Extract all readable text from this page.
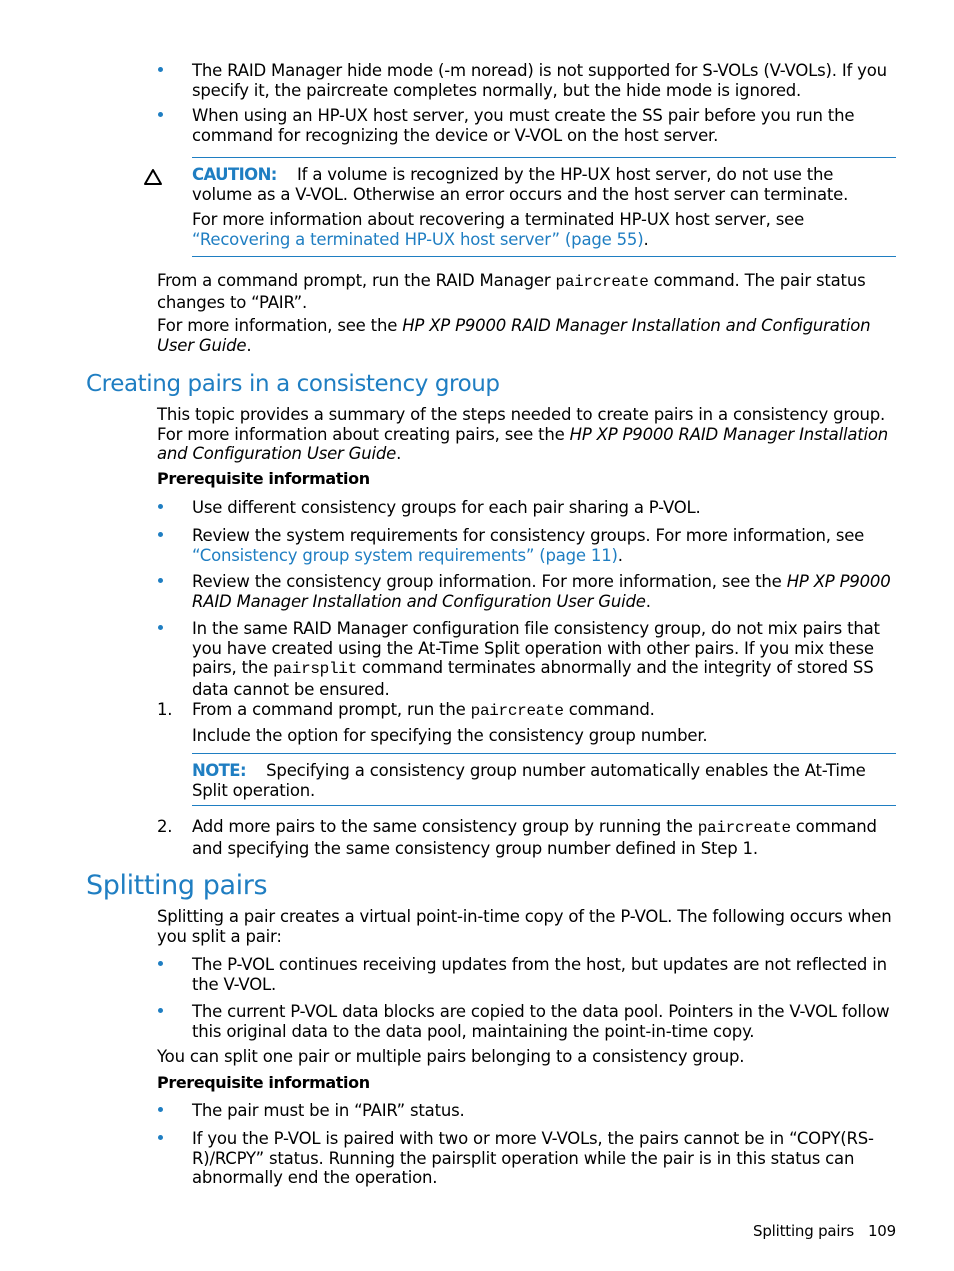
The RAID Manager hide mode (-m noread) is not supported for S-VOLs (V-VOLs). If you specify it, the paircreate completes normally, but the hide mode is ignored.
When using an HP-UX host server, you must create the SS pair before you run the command for recognizing the device or V-VOL on the host server.
CAUTION: If a volume is recognized by the HP-UX host server, do not use the volume as a V-VOL. Otherwise an error occurs and the host server can terminate.
For more information about recovering a terminated HP-UX host server, see “Recovering a terminated HP-UX host server” (page 55).
From a command prompt, run the RAID Manager paircreate command. The pair status changes to “PAIR”.
For more information, see the HP XP P9000 RAID Manager Installation and Configuration User Guide.
Creating pairs in a consistency group
This topic provides a summary of the steps needed to create pairs in a consistency group. For more information about creating pairs, see the HP XP P9000 RAID Manager Installation and Configuration User Guide.
Prerequisite information
Use different consistency groups for each pair sharing a P-VOL.
Review the system requirements for consistency groups. For more information, see “Consistency group system requirements” (page 11).
Review the consistency group information. For more information, see the HP XP P9000 RAID Manager Installation and Configuration User Guide.
In the same RAID Manager configuration file consistency group, do not mix pairs that you have created using the At-Time Split operation with other pairs. If you mix these pairs, the pairsplit command terminates abnormally and the integrity of stored SS data cannot be ensured.
1. From a command prompt, run the paircreate command.
Include the option for specifying the consistency group number.
NOTE: Specifying a consistency group number automatically enables the At-Time Split operation.
2. Add more pairs to the same consistency group by running the paircreate command and specifying the same consistency group number defined in Step 1.
Splitting pairs
Splitting a pair creates a virtual point-in-time copy of the P-VOL. The following occurs when you split a pair:
The P-VOL continues receiving updates from the host, but updates are not reflected in the V-VOL.
The current P-VOL data blocks are copied to the data pool. Pointers in the V-VOL follow this original data to the data pool, maintaining the point-in-time copy.
You can split one pair or multiple pairs belonging to a consistency group.
Prerequisite information
The pair must be in “PAIR” status.
If you the P-VOL is paired with two or more V-VOLs, the pairs cannot be in “COPY(RS-R)/RCPY” status. Running the pairsplit operation while the pair is in this status can abnormally end the operation.
Splitting pairs 109
